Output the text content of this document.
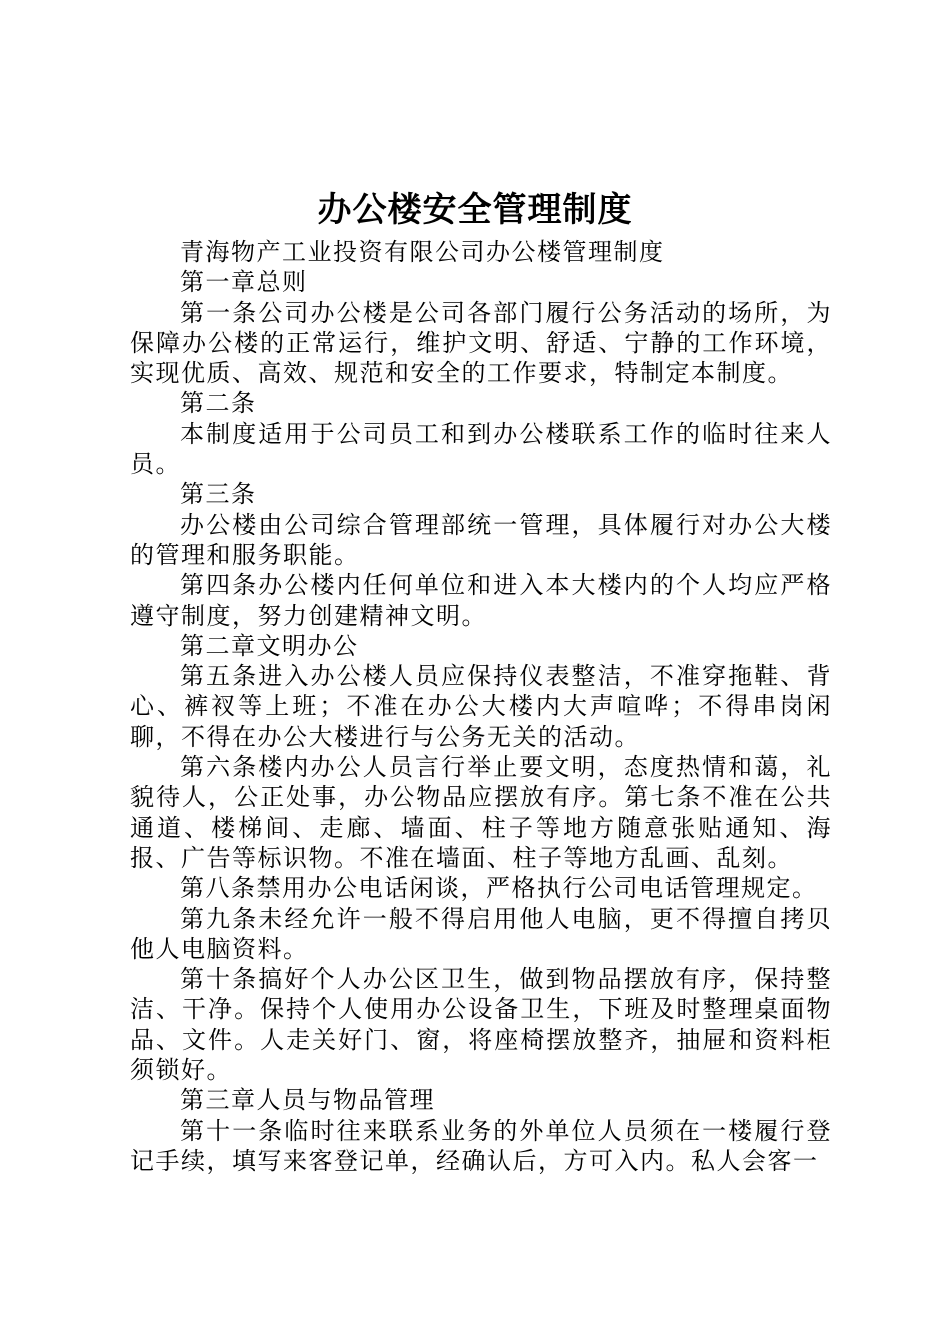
办公楼安全管理制度

青海物产工业投资有限公司办公楼管理制度

第一章总则

第一条公司办公楼是公司各部门履行公务活动的场所，为保障办公楼的正常运行，维护文明、舒适、宁静的工作环境，实现优质、高效、规范和安全的工作要求，特制定本制度。

第二条

本制度适用于公司员工和到办公楼联系工作的临时往来人员。

第三条

办公楼由公司综合管理部统一管理，具体履行对办公大楼的管理和服务职能。

第四条办公楼内任何单位和进入本大楼内的个人均应严格遵守制度，努力创建精神文明。

第二章文明办公

第五条进入办公楼人员应保持仪表整洁，不准穿拖鞋、背心、裤衩等上班；不准在办公大楼内大声喧哗；不得串岗闲聊，不得在办公大楼进行与公务无关的活动。

第六条楼内办公人员言行举止要文明，态度热情和蔼，礼貌待人，公正处事，办公物品应摆放有序。第七条不准在公共通道、楼梯间、走廊、墙面、柱子等地方随意张贴通知、海报、广告等标识物。不准在墙面、柱子等地方乱画、乱刻。

第八条禁用办公电话闲谈，严格执行公司电话管理规定。

第九条未经允许一般不得启用他人电脑，更不得擅自拷贝他人电脑资料。

第十条搞好个人办公区卫生，做到物品摆放有序，保持整洁、干净。保持个人使用办公设备卫生，下班及时整理桌面物品、文件。人走关好门、窗，将座椅摆放整齐，抽屉和资料柜须锁好。

第三章人员与物品管理

第十一条临时往来联系业务的外单位人员须在一楼履行登记手续，填写来客登记单，经确认后，方可入内。私人会客一
